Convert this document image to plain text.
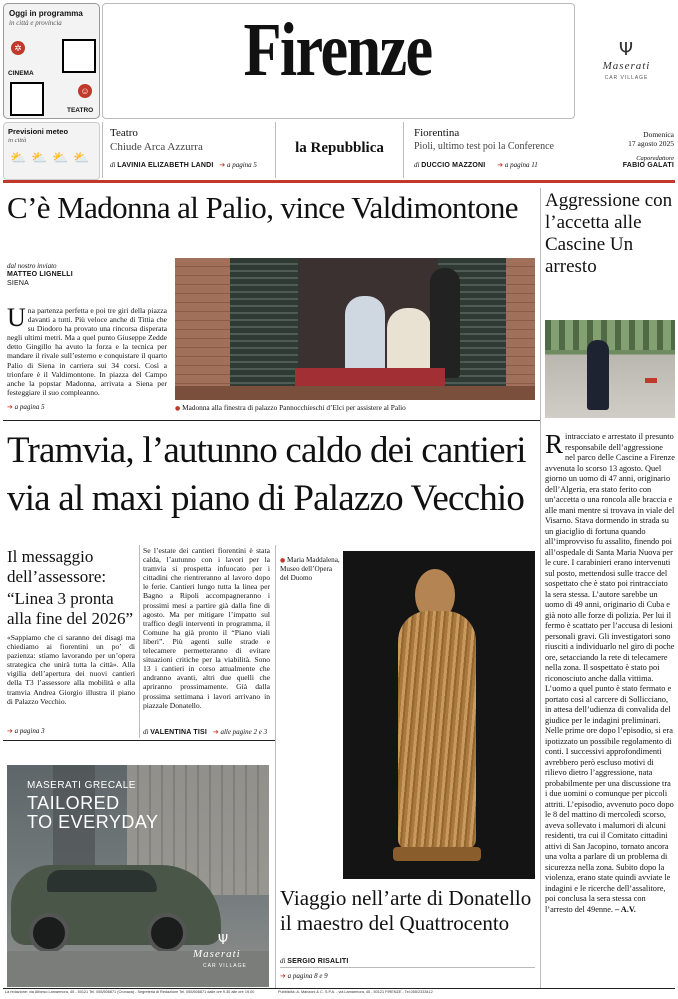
Oggi in programma
in città e provincia
✲
CINEMA
☺
TEATRO
Firenze	Ψ
Maserati
CAR VILLAGE
Previsioni meteo
in città
⛅ ⛅ ⛅ ⛅
Teatro
Chiude Arca Azzurra
di LAVINIA ELIZABETH LANDI ➔ a pagina 5
la Repubblica
Fiorentina
Pioli, ultimo test poi la Conference
di DUCCIO MAZZONI ➔ a pagina 11
Domenica
17 agosto 2025
Caporedattore
FABIO GALATI
C’è Madonna al Palio, vince Valdimontone
dal nostro inviato
MATTEO LIGNELLI
SIENA
U na partenza perfetta e poi tre giri della piazza davanti a tutti. Più veloce anche di Tittia che su Diodoro ha provato una rincorsa disperata negli ultimi metri. Ma a quel punto Giuseppe Zedde detto Gingillo ha avuto la forza e la tecnica per mandare il rivale sull’esterno e conquistare il quarto Palio di Siena in carriera sui 34 corsi. Così a trionfare è il Valdimontone. In piazza del Campo anche la popstar Madonna, arrivata a Siena per festeggiare il suo compleanno.
➔ a pagina 5	● Madonna alla finestra di palazzo Pannocchieschi d’Elci per assistere al Palio
Aggressione con l’accetta alle Cascine Un arresto
R intracciato e arrestato il presunto responsabile dell’aggressione nel parco delle Cascine a Firenze avvenuta lo scorso 13 agosto. Quel giorno un uomo di 47 anni, originario dell’Algeria, era stato ferito con un’accetta o una roncola alle braccia e alle mani mentre si trovava in viale del Visarno. Stava dormendo in strada su un giaciglio di fortuna quando all’improvviso fu assalito, finendo poi all’ospedale di Santa Maria Nuova per le cure. I carabinieri erano intervenuti sul posto, mettendosi sulle tracce del sospettato che è stato poi rintracciato la sera stessa. L’autore sarebbe un uomo di 49 anni, originario di Cuba e già noto alle forze di polizia. Per lui il fermo è scattato per l’accusa di lesioni personali gravi. Gli investigatori sono riusciti a individuarlo nel giro di poche ore, setacciando la rete di telecamere nella zona. Il sospettato è stato poi riconosciuto anche dalla vittima. L’uomo a quel punto è stato fermato e portato così al carcere di Sollicciano, in attesa dell’udienza di convalida del giudice per le indagini preliminari. Nelle prime ore dopo l’episodio, si era ipotizzato un possibile regolamento di conti. I successivi approfondimenti avrebbero però escluso motivi di rilievo dietro l’aggressione, nata probabilmente per una discussione tra i due uomini o comunque per piccoli attriti. L’episodio, avvenuto poco dopo le 8 del mattino di mercoledì scorso, aveva sollevato i malumori di alcuni residenti, tra cui il Comitato cittadini attivi di San Jacopino, tornato ancora una volta a parlare di un problema di sicurezza nella zona. Subito dopo la violenza, erano state quindi avviate le indagini e le ricerche dell’assalitore, poi conclusa la sera stessa con l’arresto del 49enne. – A.V.
Tramvia, l’autunno caldo dei cantieri
via al maxi piano di Palazzo Vecchio
Il messaggio dell’assessore:
“Linea 3 pronta alla fine del 2026”
«Sappiamo che ci saranno dei disagi ma chiediamo ai fiorentini un po’ di pazienza: stiamo lavorando per un’opera strategica che unirà tutta la città». Alla vigilia dell’apertura dei nuovi cantieri della T3 l’assessore alla mobilità e alla tramvia Andrea Giorgio illustra il piano di Palazzo Vecchio.
➔ a pagina 3
Se l’estate dei cantieri fiorentini è stata calda, l’autunno con i lavori per la tramvia si prospetta infuocato per i cittadini che rientreranno al lavoro dopo le ferie. Cantieri lungo tutta la linea per Bagno a Ripoli accompagneranno i prossimi mesi a partire già dalla fine di agosto. Ma per mitigare l’impatto sul traffico degli interventi in programma, il Comune ha già pronto il “Piano viali liberi”. Più agenti sulle strade e telecamere permetteranno di evitare situazioni critiche per la viabilità. Sono 13 i cantieri in corso attualmente che andranno avanti, altri due quelli che apriranno prossimamente. Già dalla prossima settimana i lavori arrivano in piazzale Donatello.
di VALENTINA TISI ➔ alle pagine 2 e 3
● Maria Maddalena, Museo dell’Opera del Duomo
Viaggio nell’arte di Donatello
il maestro del Quattrocento
di SERGIO RISALITI
➔ a pagina 8 e 9
MASERATI GRECALE
TAILORED
TO EVERYDAY
Ψ
Maserati
CAR VILLAGE
La redazione: via Alfonso Lamarmora, 45 - 50121 Tel. 055/506871 (Cronaca) - Segreteria di Redazione Tel. 055/506871 dalle ore 9.30 alle ore 19.00	Pubblicità: A. Manzoni & C. S.P.A. - via Lamarmora, 45 - 50121 FIRENZE - Tel.055/2333412
